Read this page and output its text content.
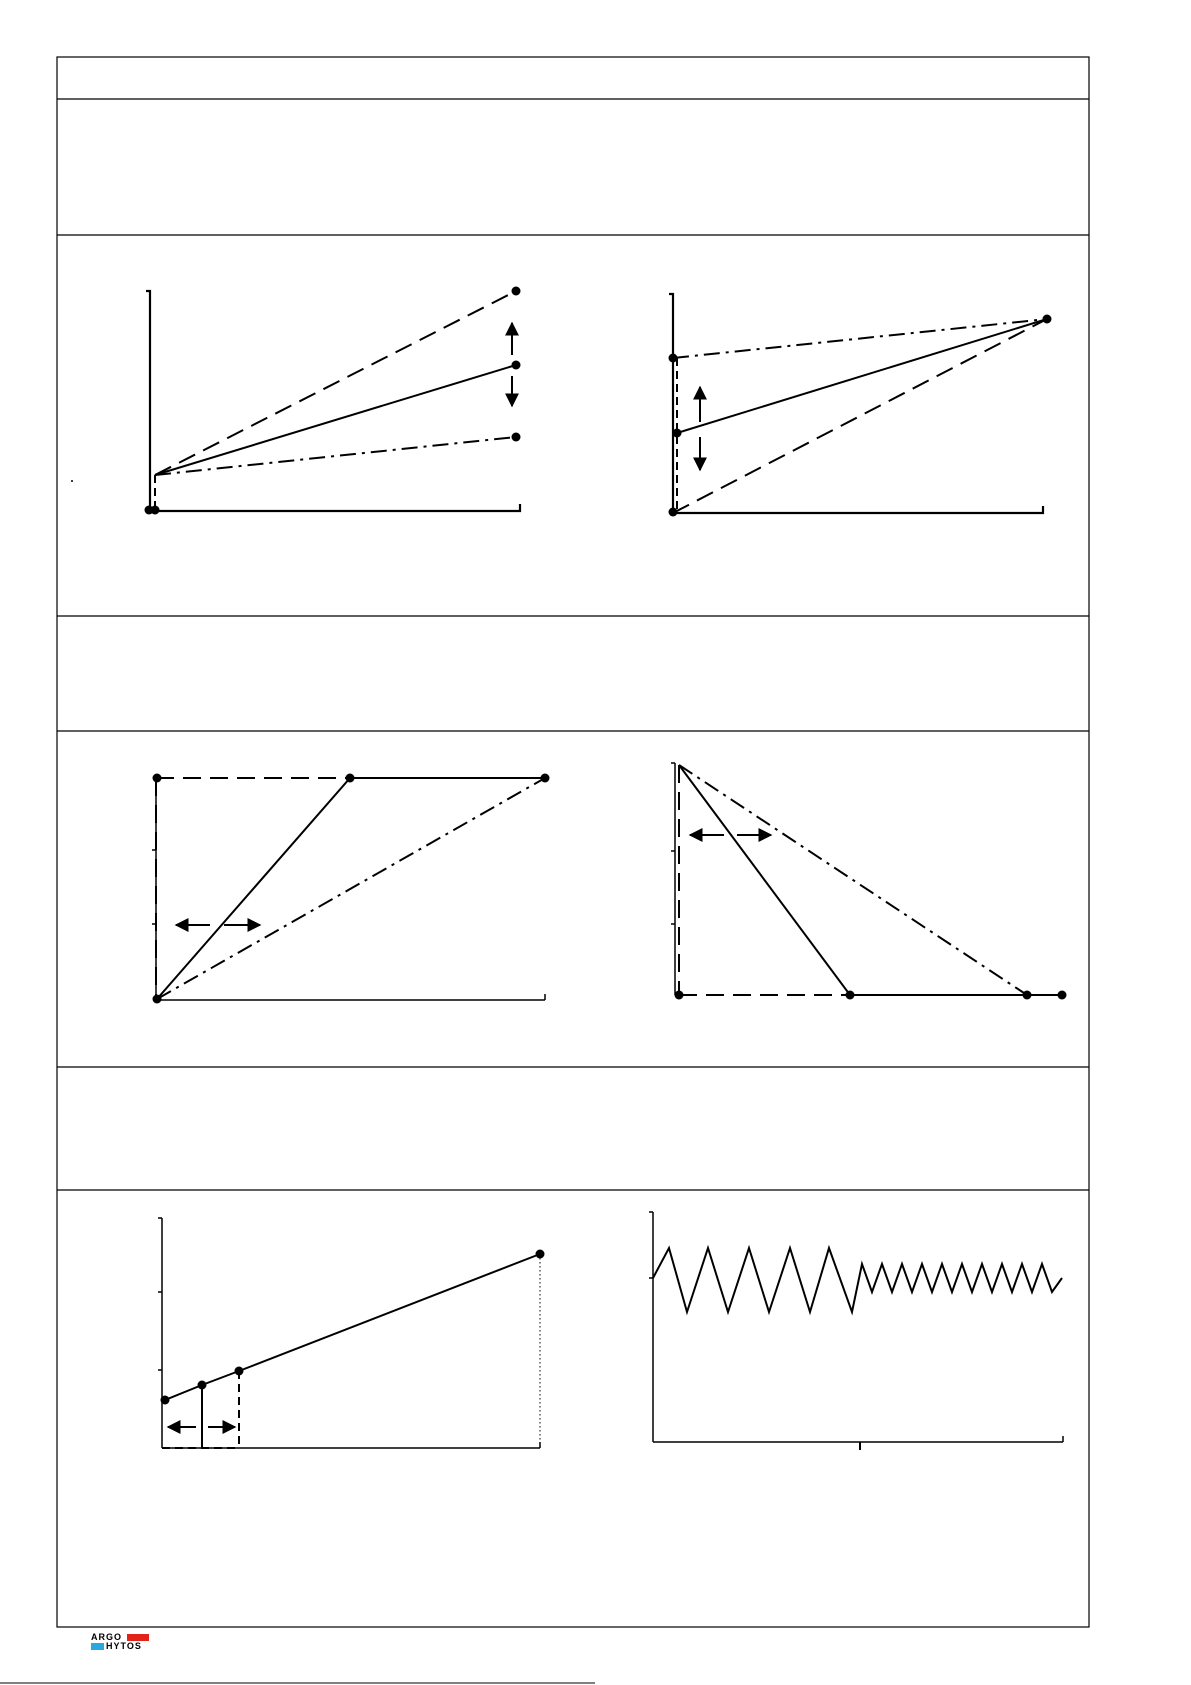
ARGO
HYTOS
